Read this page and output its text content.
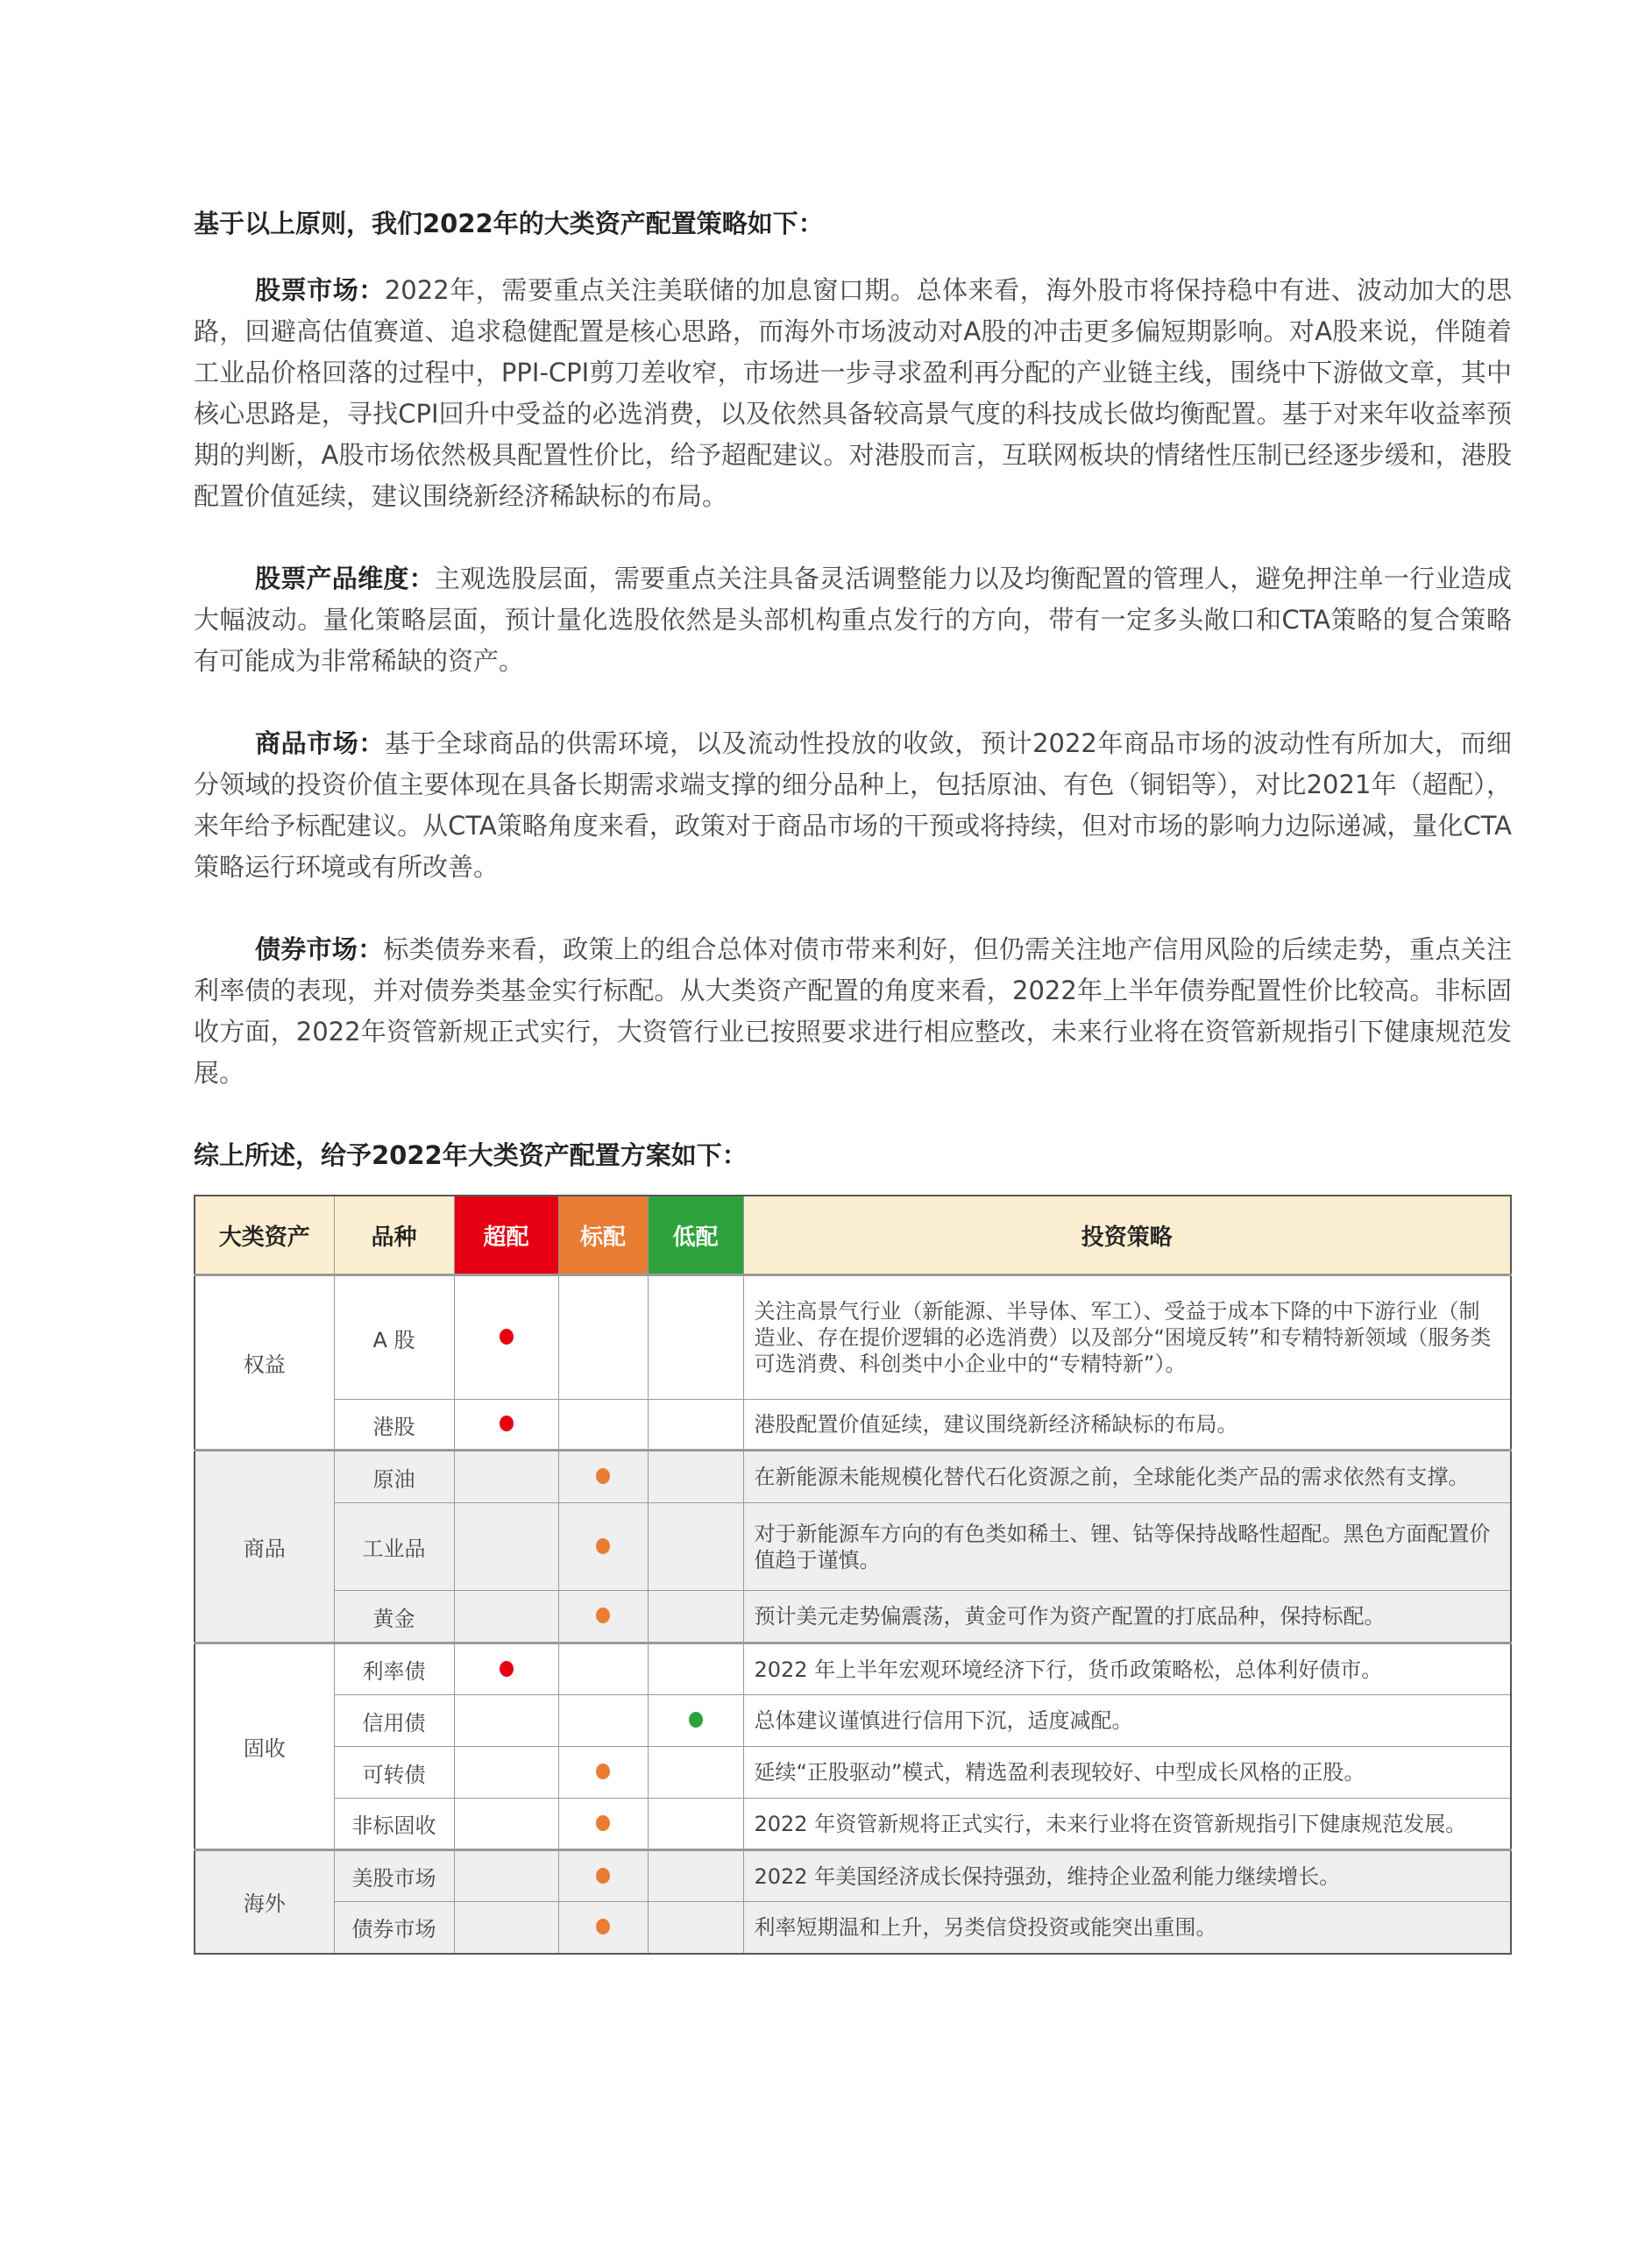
基于以上原则，我们2022年的大类资产配置策略如下：

股票市场：2022年，需要重点关注美联储的加息窗口期。总体来看，海外股市将保持稳中有进、波动加大的思路，回避高估值赛道、追求稳健配置是核心思路，而海外市场波动对A股的冲击更多偏短期影响。对A股来说，伴随着工业品价格回落的过程中，PPI-CPI剪刀差收窄，市场进一步寻求盈利再分配的产业链主线，围绕中下游做文章，其中核心思路是，寻找CPI回升中受益的必选消费，以及依然具备较高景气度的科技成长做均衡配置。基于对来年收益率预期的判断，A股市场依然极具配置性价比，给予超配建议。对港股而言，互联网板块的情绪性压制已经逐步缓和，港股配置价值延续，建议围绕新经济稀缺标的布局。

股票产品维度：主观选股层面，需要重点关注具备灵活调整能力以及均衡配置的管理人，避免押注单一行业造成大幅波动。量化策略层面，预计量化选股依然是头部机构重点发行的方向，带有一定多头敞口和CTA策略的复合策略有可能成为非常稀缺的资产。

商品市场：基于全球商品的供需环境，以及流动性投放的收敛，预计2022年商品市场的波动性有所加大，而细分领域的投资价值主要体现在具备长期需求端支撑的细分品种上，包括原油、有色（铜铝等），对比2021年（超配），来年给予标配建议。从CTA策略角度来看，政策对于商品市场的干预或将持续，但对市场的影响力边际递减，量化CTA策略运行环境或有所改善。

债券市场：标类债券来看，政策上的组合总体对债市带来利好，但仍需关注地产信用风险的后续走势，重点关注利率债的表现，并对债券类基金实行标配。从大类资产配置的角度来看，2022年上半年债券配置性价比较高。非标固收方面，2022年资管新规正式实行，大资管行业已按照要求进行相应整改，未来行业将在资管新规指引下健康规范发展。

综上所述，给予2022年大类资产配置方案如下：
大类资产	品种	超配	标配	低配	投资策略
权益	A 股				关注高景气行业（新能源、半导体、军工）、受益于成本下降的中下游行业（制造业、存在提价逻辑的必选消费）以及部分“困境反转”和专精特新领域（服务类可选消费、科创类中小企业中的“专精特新”）。
	港股				港股配置价值延续，建议围绕新经济稀缺标的布局。
商品	原油				在新能源未能规模化替代石化资源之前，全球能化类产品的需求依然有支撑。
	工业品				对于新能源车方向的有色类如稀土、锂、钴等保持战略性超配。黑色方面配置价值趋于谨慎。
	黄金				预计美元走势偏震荡，黄金可作为资产配置的打底品种，保持标配。
固收	利率债				2022 年上半年宏观环境经济下行，货币政策略松，总体利好债市。
	信用债				总体建议谨慎进行信用下沉，适度减配。
	可转债				延续“正股驱动”模式，精选盈利表现较好、中型成长风格的正股。
	非标固收				2022 年资管新规将正式实行，未来行业将在资管新规指引下健康规范发展。
海外	美股市场				2022 年美国经济成长保持强劲，维持企业盈利能力继续增长。
	债券市场				利率短期温和上升，另类信贷投资或能突出重围。
